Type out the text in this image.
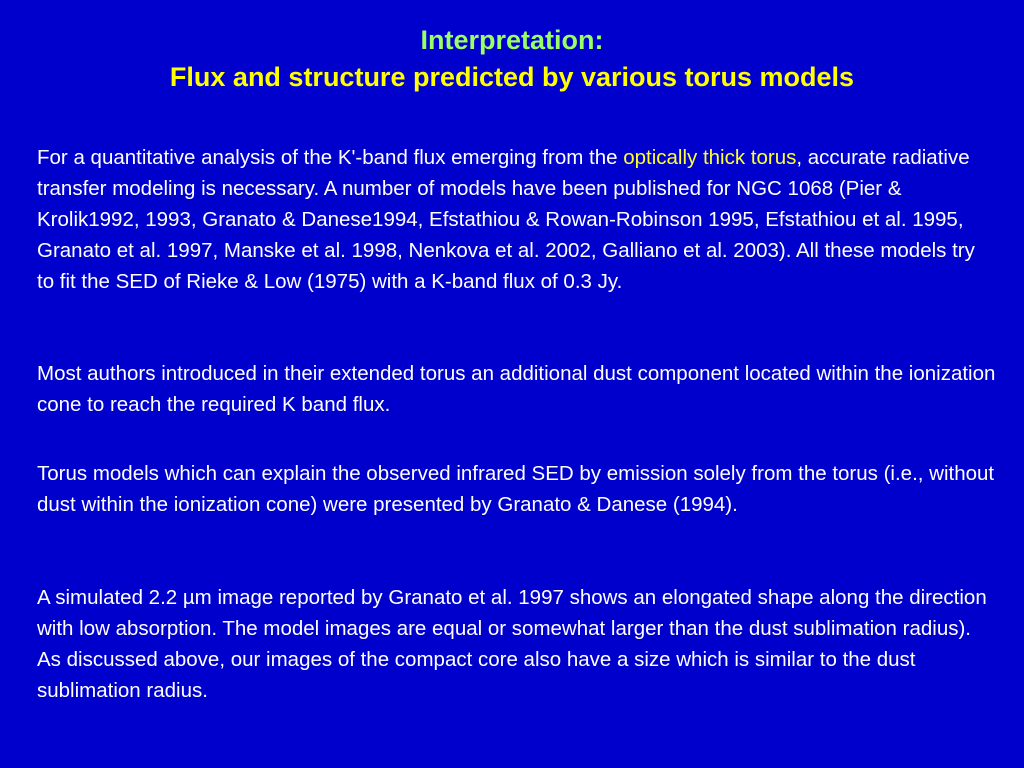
Interpretation:
Flux and structure predicted by various torus models

For a quantitative analysis of the K'-band flux emerging from the optically thick torus, accurate radiative transfer modeling is necessary. A number of models have been published for NGC 1068 (Pier & Krolik1992, 1993, Granato & Danese1994, Efstathiou & Rowan-Robinson 1995, Efstathiou et al. 1995, Granato et al. 1997, Manske et al. 1998, Nenkova et al. 2002, Galliano et al. 2003). All these models try to fit the SED of Rieke & Low (1975) with a K-band flux of 0.3 Jy.

Most authors introduced in their extended torus an additional dust component located within the ionization cone to reach the required K band flux.

Torus models which can explain the observed infrared SED by emission solely from the torus (i.e., without dust within the ionization cone) were presented by Granato & Danese (1994).

A simulated 2.2 µm image reported by Granato et al. 1997 shows an elongated shape along the direction with low absorption. The model images are equal or somewhat larger than the dust sublimation radius). As discussed above, our images of the compact core also have a size which is similar to the dust sublimation radius.
